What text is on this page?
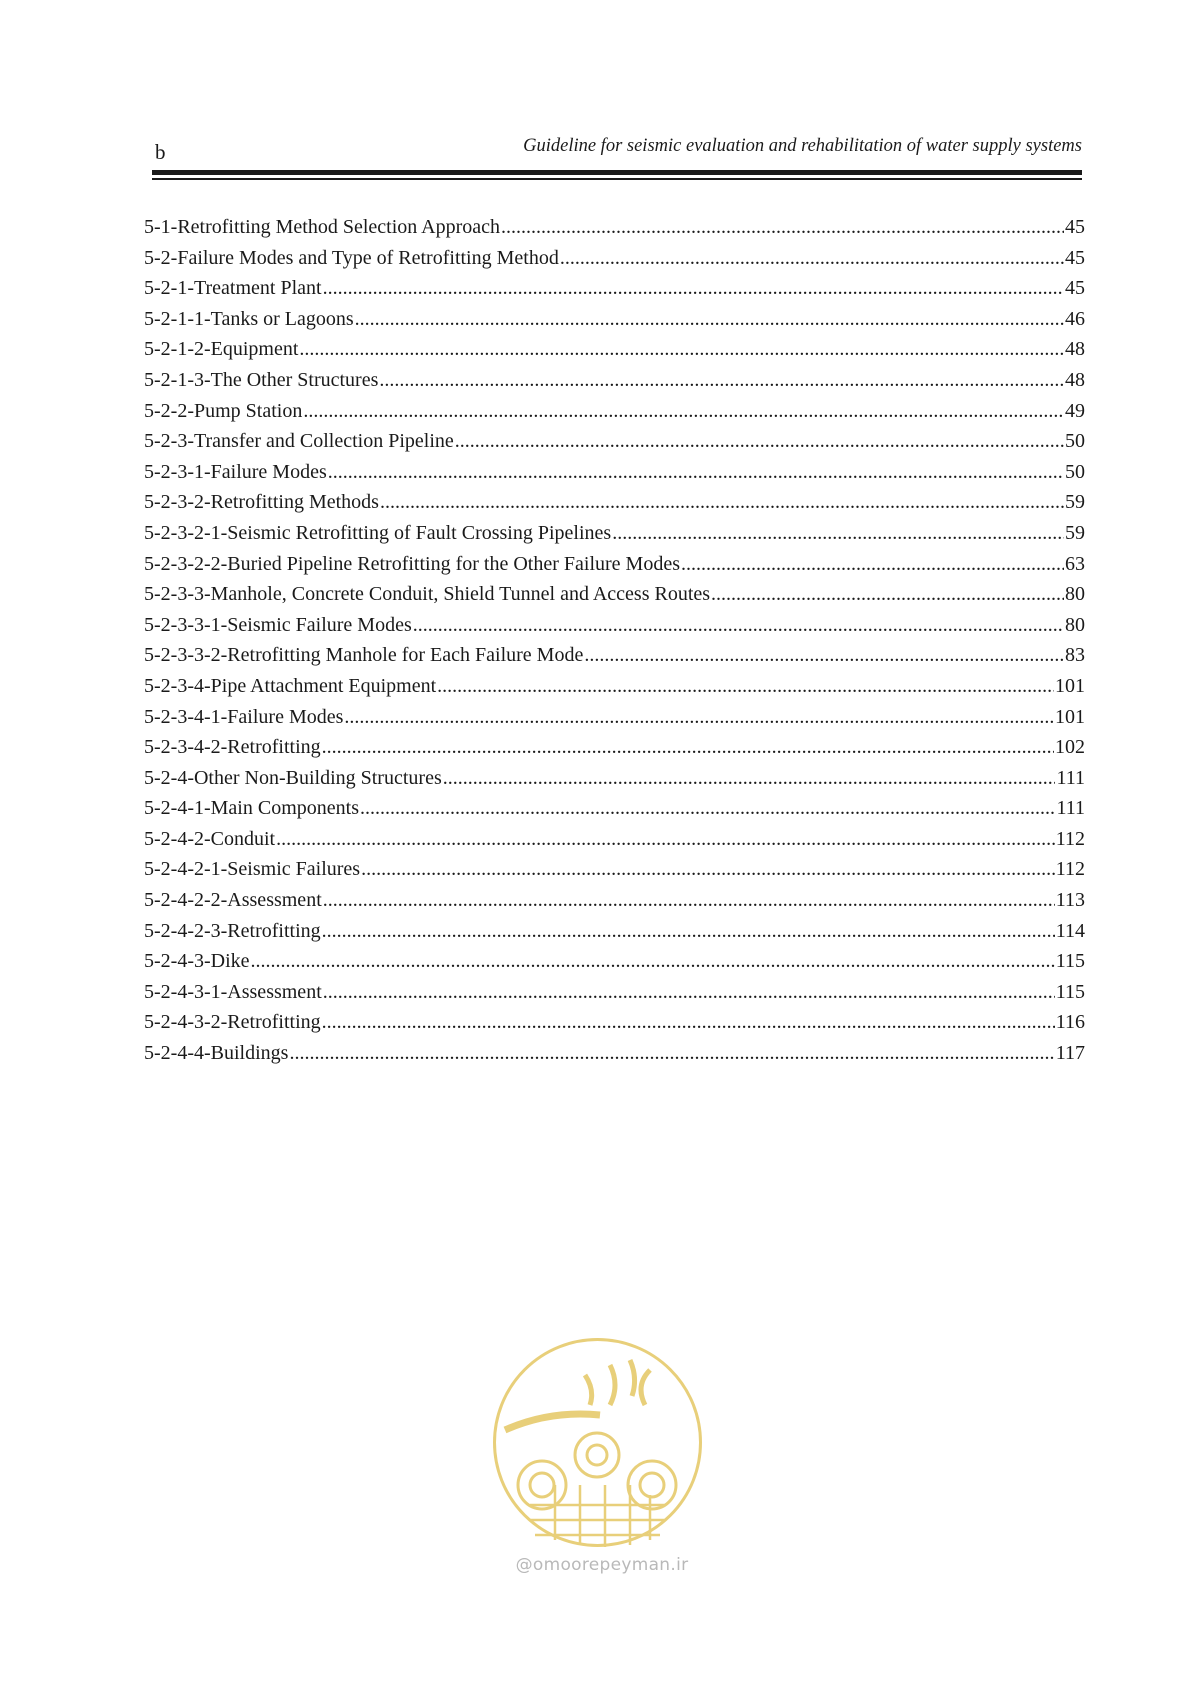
b	Guideline for seismic evaluation and rehabilitation of water supply systems
5-1-Retrofitting Method Selection Approach .....	45
5-2-Failure Modes and Type of Retrofitting Method .....	45
5-2-1-Treatment Plant .....	45
5-2-1-1-Tanks or Lagoons .....	46
5-2-1-2-Equipment .....	48
5-2-1-3-The Other Structures .....	48
5-2-2-Pump Station .....	49
5-2-3-Transfer and Collection Pipeline .....	50
5-2-3-1-Failure Modes .....	50
5-2-3-2-Retrofitting Methods .....	59
5-2-3-2-1-Seismic Retrofitting of Fault Crossing Pipelines .....	59
5-2-3-2-2-Buried Pipeline Retrofitting for the Other Failure Modes .....	63
5-2-3-3-Manhole, Concrete Conduit, Shield Tunnel and Access Routes .....	80
5-2-3-3-1-Seismic Failure Modes .....	80
5-2-3-3-2-Retrofitting Manhole for Each Failure Mode .....	83
5-2-3-4-Pipe Attachment Equipment .....	101
5-2-3-4-1-Failure Modes .....	101
5-2-3-4-2-Retrofitting .....	102
5-2-4-Other Non-Building Structures .....	111
5-2-4-1-Main Components .....	111
5-2-4-2-Conduit .....	112
5-2-4-2-1-Seismic Failures .....	112
5-2-4-2-2-Assessment .....	113
5-2-4-2-3-Retrofitting .....	114
5-2-4-3-Dike .....	115
5-2-4-3-1-Assessment .....	115
5-2-4-3-2-Retrofitting .....	116
5-2-4-4-Buildings .....	117
@omoorepeyman.ir
